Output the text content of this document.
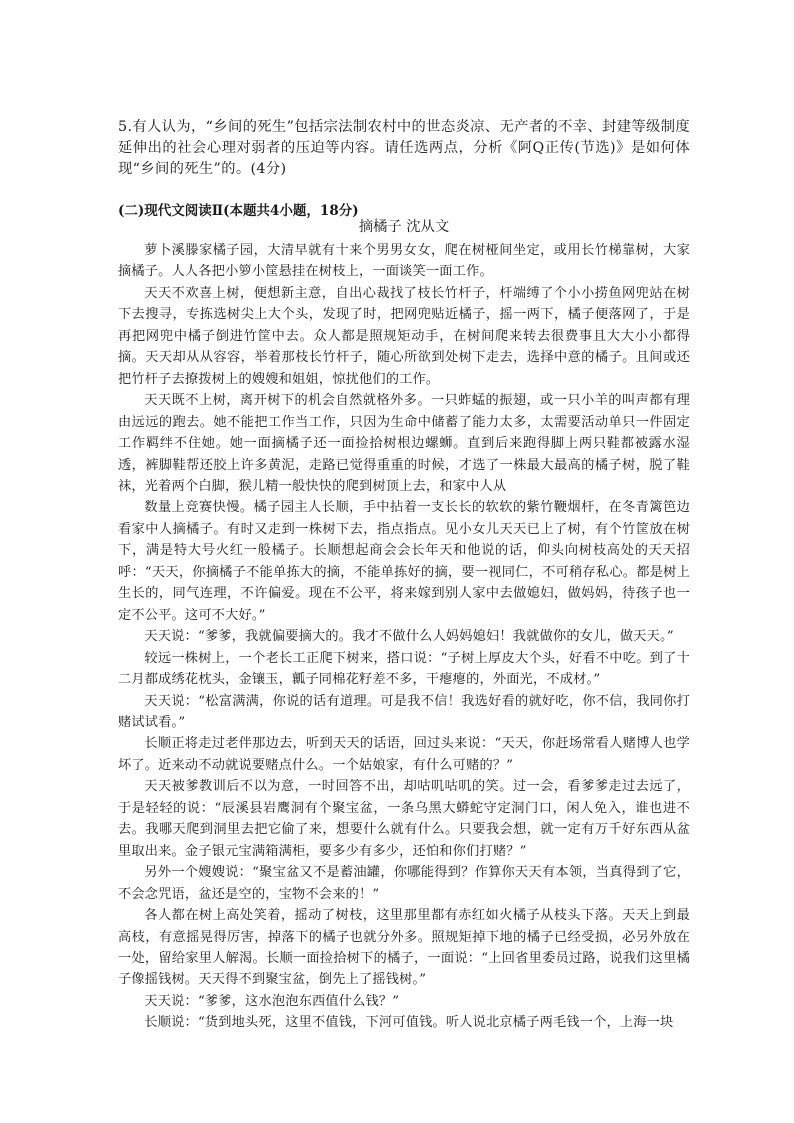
5.有人认为，“乡间的死生”包括宗法制农村中的世态炎凉、无产者的不幸、封建等级制度延伸出的社会心理对弱者的压迫等内容。请任选两点，分析《阿Q正传(节选)》是如何体现“乡间的死生”的。(4分)

(二)现代文阅读Ⅱ(本题共4小题，18分)
摘橘子 沈从文

萝卜溪滕家橘子园，大清早就有十来个男男女女，爬在树桠间坐定，或用长竹梯靠树，大家摘橘子。人人各把小箩小筐悬挂在树枝上，一面谈笑一面工作。

天天不欢喜上树，便想新主意，自出心裁找了枝长竹杆子，杆端缚了个小小捞鱼网兜站在树下去搜寻，专拣选树尖上大个头，发现了时，把网兜贴近橘子，摇一两下，橘子便落网了，于是再把网兜中橘子倒进竹筐中去。众人都是照规矩动手，在树间爬来转去很费事且大大小小都得摘。天天却从从容容，举着那枝长竹杆子，随心所欲到处树下走去，选择中意的橘子。且间或还把竹杆子去撩拨树上的嫂嫂和姐姐，惊扰他们的工作。

天天既不上树，离开树下的机会自然就格外多。一只蚱蜢的振翅，或一只小羊的叫声都有理由远远的跑去。她不能把工作当工作，只因为生命中储蓄了能力太多，太需要活动单只一件固定工作羁绊不住她。她一面摘橘子还一面捡拾树根边螺蛳。直到后来跑得脚上两只鞋都被露水湿透，裤脚鞋帮还胶上许多黄泥，走路已觉得重重的时候，才选了一株最大最高的橘子树，脱了鞋袜，光着两个白脚，猴儿精一般快快的爬到树顶上去，和家中人从

数量上竞赛快慢。橘子园主人长顺，手中拈着一支长长的软软的紫竹鞭烟杆，在冬青篱笆边看家中人摘橘子。有时又走到一株树下去，指点指点。见小女儿天天已上了树，有个竹筐放在树下，满是特大号火红一般橘子。长顺想起商会会长年天和他说的话，仰头向树枝高处的天天招呼：“天天，你摘橘子不能单拣大的摘，不能单拣好的摘，要一视同仁，不可稍存私心。都是树上生长的，同气连理，不许偏爱。现在不公平，将来嫁到别人家中去做媳妇，做妈妈，待孩子也一定不公平。这可不大好。”

天天说：“爹爹，我就偏要摘大的。我才不做什么人妈妈媳妇！我就做你的女儿，做天天。”

较远一株树上，一个老长工正爬下树来，搭口说：“子树上厚皮大个头，好看不中吃。到了十二月都成绣花枕头，金镶玉，瓤子同棉花籽差不多，干瘪瘪的，外面光，不成材。”

天天说：“松富满满，你说的话有道理。可是我不信！我选好看的就好吃，你不信，我同你打赌试试看。”

长顺正将走过老伴那边去，听到天天的话语，回过头来说：“天天，你赶场常看人赌博人也学坏了。近来动不动就说要赌点什么。一个姑娘家，有什么可赌的？”

天天被爹教训后不以为意，一时回答不出，却咕叽咕叽的笑。过一会，看爹爹走过去远了，于是轻轻的说：“辰溪县岩鹰洞有个聚宝盆，一条乌黑大蟒蛇守定洞门口，闲人免入，谁也进不去。我哪天爬到洞里去把它偷了来，想要什么就有什么。只要我会想，就一定有万千好东西从盆里取出来。金子银元宝满箱满柜，要多少有多少，还怕和你们打赌？”

另外一个嫂嫂说：“聚宝盆又不是蓄油罐，你哪能得到？作算你天天有本领，当真得到了它，不会念咒语，盆还是空的，宝物不会来的！”

各人都在树上高处笑着，摇动了树枝，这里那里都有赤红如火橘子从枝头下落。天天上到最高枝，有意摇晃得厉害，掉落下的橘子也就分外多。照规矩掉下地的橘子已经受损，必另外放在一处，留给家里人解渴。长顺一面捡拾树下的橘子，一面说：“上回省里委员过路，说我们这里橘子像摇钱树。天天得不到聚宝盆，倒先上了摇钱树。”

天天说：“爹爹，这水泡泡东西值什么钱？”

长顺说：“货到地头死，这里不值钱，下河可值钱。听人说北京橘子两毛钱一个，上海一块
